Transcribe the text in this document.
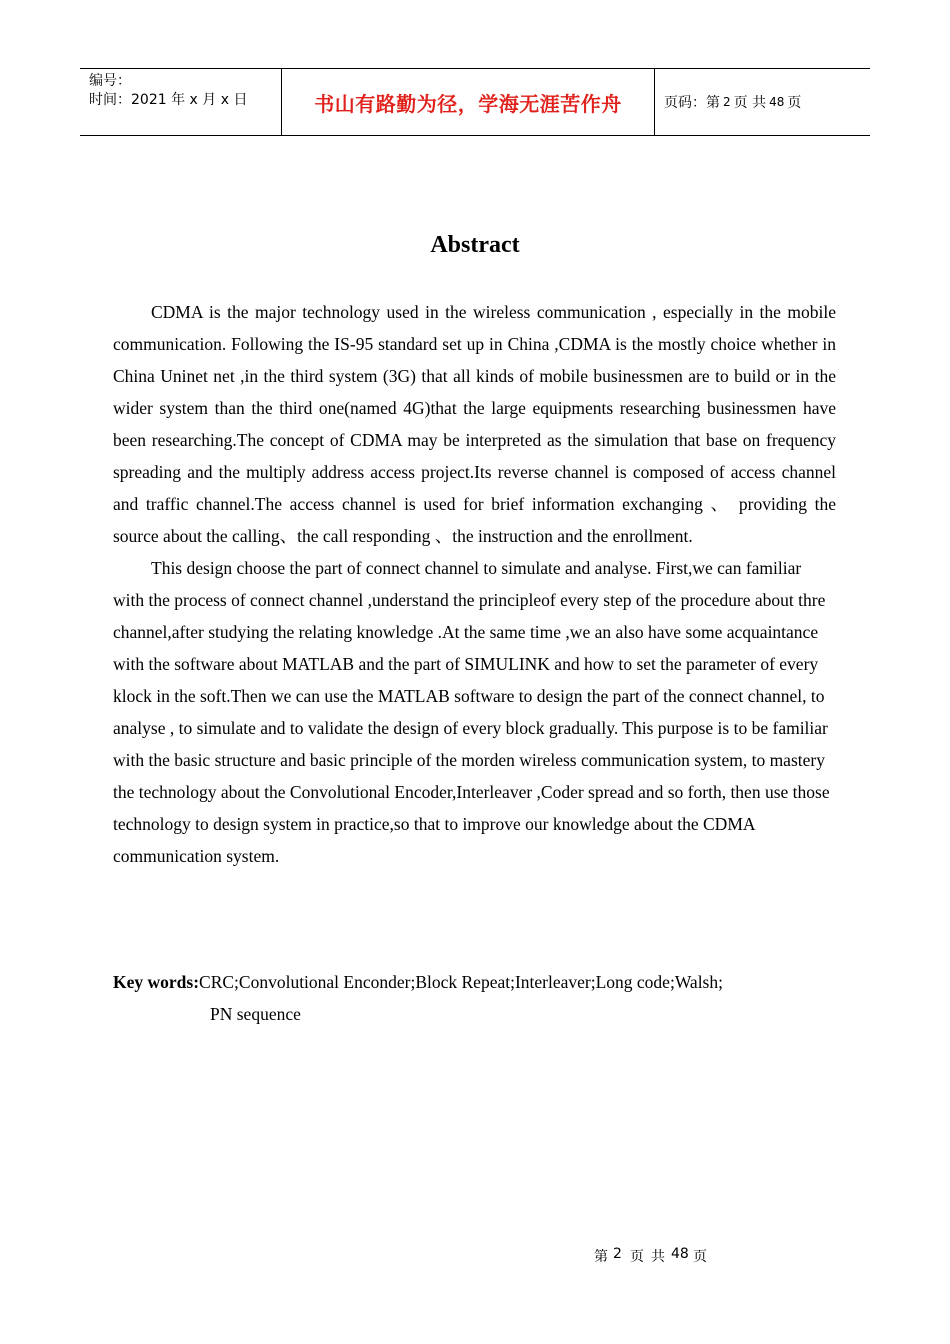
编号：
时间：2021 年 x 月 x 日	书山有路勤为径，学海无涯苦作舟	页码：第 2 页 共 48 页
Abstract

CDMA is the major technology used in the wireless communication , especially in the mobile communication. Following the IS-95 standard set up in China ,CDMA is the mostly choice whether in China Uninet net ,in the third system (3G) that all kinds of mobile businessmen are to build or in the wider system than the third one(named 4G)that the large equipments researching businessmen have been researching.The concept of CDMA may be interpreted as the simulation that base on frequency spreading and the multiply address access project.Its reverse channel is composed of access channel and traffic channel.The access channel is used for brief information exchanging 、 providing the source about the calling、the call responding 、the instruction and the enrollment.

This design choose the part of connect channel to simulate and analyse. First,we can familiar with the process of connect channel ,understand the principleof every step of the procedure about thre channel,after studying the relating knowledge .At the same time ,we an also have some acquaintance with the software about MATLAB and the part of SIMULINK and how to set the parameter of every klock in the soft.Then we can use the MATLAB software to design the part of the connect channel, to analyse , to simulate and to validate the design of every block gradually. This purpose is to be familiar with the basic structure and basic principle of the morden wireless communication system, to mastery the technology about the Convolutional Encoder,Interleaver ,Coder spread and so forth, then use those technology to design system in practice,so that to improve our knowledge about the CDMA communication system.

Key words:CRC;Convolutional Enconder;Block Repeat;Interleaver;Long code;Walsh;
PN sequence
第 2 页 共 48 页
